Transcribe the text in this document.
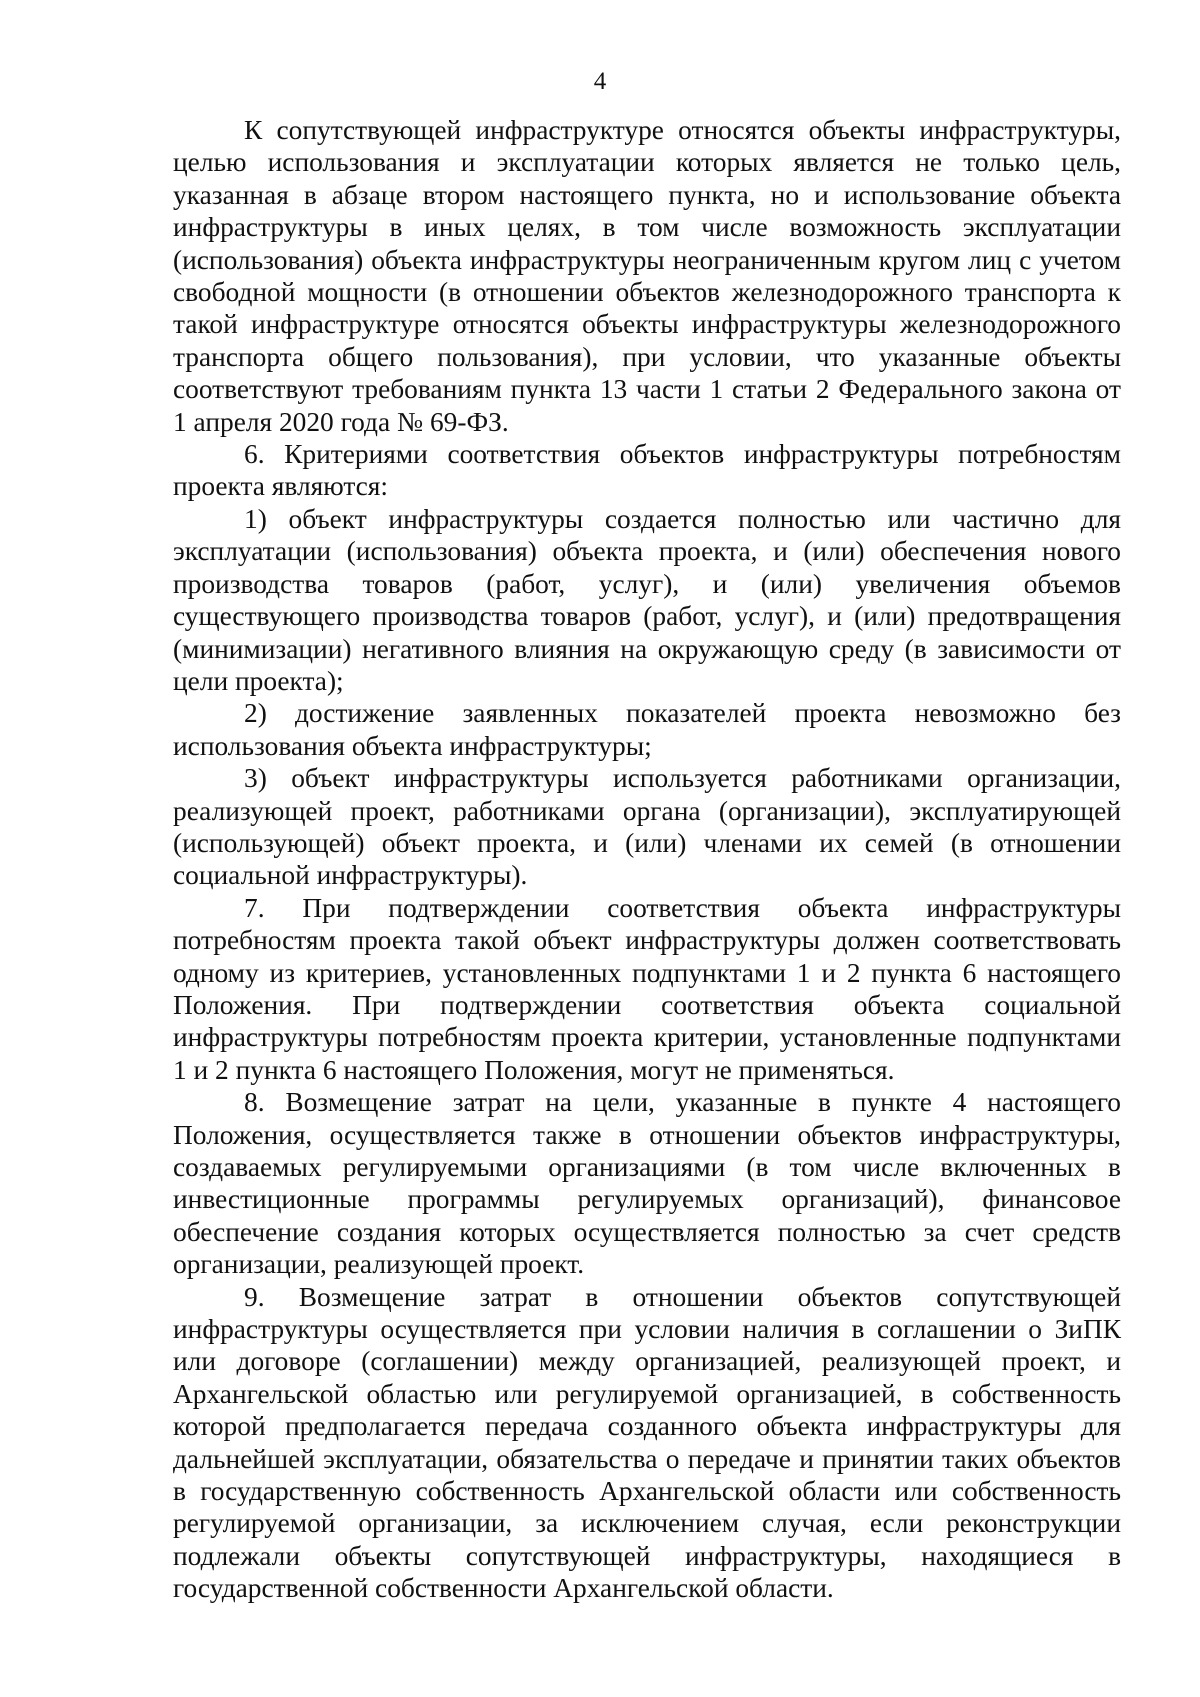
4

К сопутствующей инфраструктуре относятся объекты инфраструктуры, целью использования и эксплуатации которых является не только цель, указанная в абзаце втором настоящего пункта, но и использование объекта инфраструктуры в иных целях, в том числе возможность эксплуатации (использования) объекта инфраструктуры неограниченным кругом лиц с учетом свободной мощности (в отношении объектов железнодорожного транспорта к такой инфраструктуре относятся объекты инфраструктуры железнодорожного транспорта общего пользования), при условии, что указанные объекты соответствуют требованиям пункта 13 части 1 статьи 2 Федерального закона от 1 апреля 2020 года № 69-ФЗ.

6. Критериями соответствия объектов инфраструктуры потребностям проекта являются:

1) объект инфраструктуры создается полностью или частично для эксплуатации (использования) объекта проекта, и (или) обеспечения нового производства товаров (работ, услуг), и (или) увеличения объемов существующего производства товаров (работ, услуг), и (или) предотвращения (минимизации) негативного влияния на окружающую среду (в зависимости от цели проекта);

2) достижение заявленных показателей проекта невозможно без использования объекта инфраструктуры;

3) объект инфраструктуры используется работниками организации, реализующей проект, работниками органа (организации), эксплуатирующей (использующей) объект проекта, и (или) членами их семей (в отношении социальной инфраструктуры).

7. При подтверждении соответствия объекта инфраструктуры потребностям проекта такой объект инфраструктуры должен соответствовать одному из критериев, установленных подпунктами 1 и 2 пункта 6 настоящего Положения. При подтверждении соответствия объекта социальной инфраструктуры потребностям проекта критерии, установленные подпунктами 1 и 2 пункта 6 настоящего Положения, могут не применяться.

8. Возмещение затрат на цели, указанные в пункте 4 настоящего Положения, осуществляется также в отношении объектов инфраструктуры, создаваемых регулируемыми организациями (в том числе включенных в инвестиционные программы регулируемых организаций), финансовое обеспечение создания которых осуществляется полностью за счет средств организации, реализующей проект.

9. Возмещение затрат в отношении объектов сопутствующей инфраструктуры осуществляется при условии наличия в соглашении о ЗиПК или договоре (соглашении) между организацией, реализующей проект, и Архангельской областью или регулируемой организацией, в собственность которой предполагается передача созданного объекта инфраструктуры для дальнейшей эксплуатации, обязательства о передаче и принятии таких объектов в государственную собственность Архангельской области или собственность регулируемой организации, за исключением случая, если реконструкции подлежали объекты сопутствующей инфраструктуры, находящиеся в государственной собственности Архангельской области.
